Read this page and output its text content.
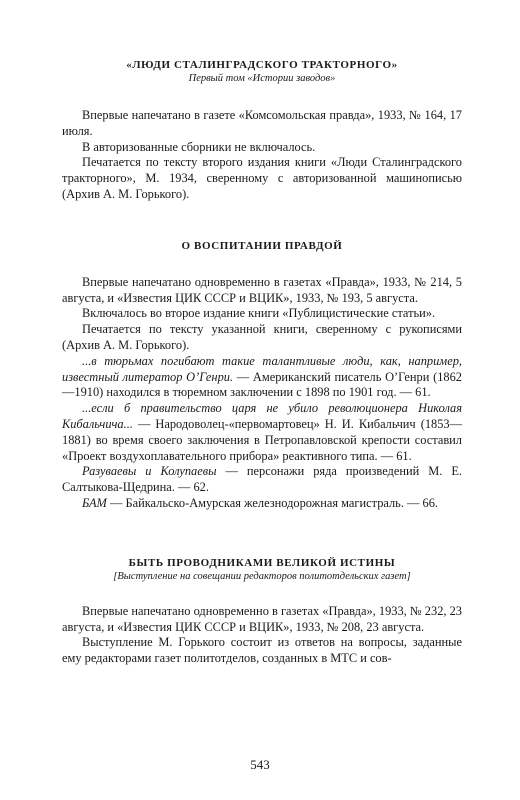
«ЛЮДИ СТАЛИНГРАДСКОГО ТРАКТОРНОГО»
Первый том «Истории заводов»

Впервые напечатано в газете «Комсомольская правда», 1933, № 164, 17 июля.

В авторизованные сборники не включалось.

Печатается по тексту второго издания книги «Люди Сталинградского тракторного», М. 1934, сверенному с авторизованной машинописью (Архив А. М. Горького).

О ВОСПИТАНИИ ПРАВДОЙ

Впервые напечатано одновременно в газетах «Правда», 1933, № 214, 5 августа, и «Известия ЦИК СССР и ВЦИК», 1933, № 193, 5 августа.

Включалось во второе издание книги «Публицистические статьи».

Печатается по тексту указанной книги, сверенному с рукописями (Архив А. М. Горького).

...в тюрьмах погибают такие талантливые люди, как, например, известный литератор О’Генри. — Американский писатель О’Генри (1862—1910) находился в тюремном заключении с 1898 по 1901 год. — 61.

...если б правительство царя не убило революционера Николая Кибальчича... — Народоволец-«первомартовец» Н. И. Кибальчич (1853—1881) во время своего заключения в Петропавловской крепости составил «Проект воздухоплавательного прибора» реактивного типа. — 61.

Разуваевы и Колупаевы — персонажи ряда произведений М. Е. Салтыкова-Щедрина. — 62.

БАМ — Байкальско-Амурская железнодорожная магистраль. — 66.

БЫТЬ ПРОВОДНИКАМИ ВЕЛИКОЙ ИСТИНЫ
[Выступление на совещании редакторов политотдельских газет]

Впервые напечатано одновременно в газетах «Правда», 1933, № 232, 23 августа, и «Известия ЦИК СССР и ВЦИК», 1933, № 208, 23 августа.

Выступление М. Горького состоит из ответов на вопросы, заданные ему редакторами газет политотделов, созданных в МТС и сов-

543
